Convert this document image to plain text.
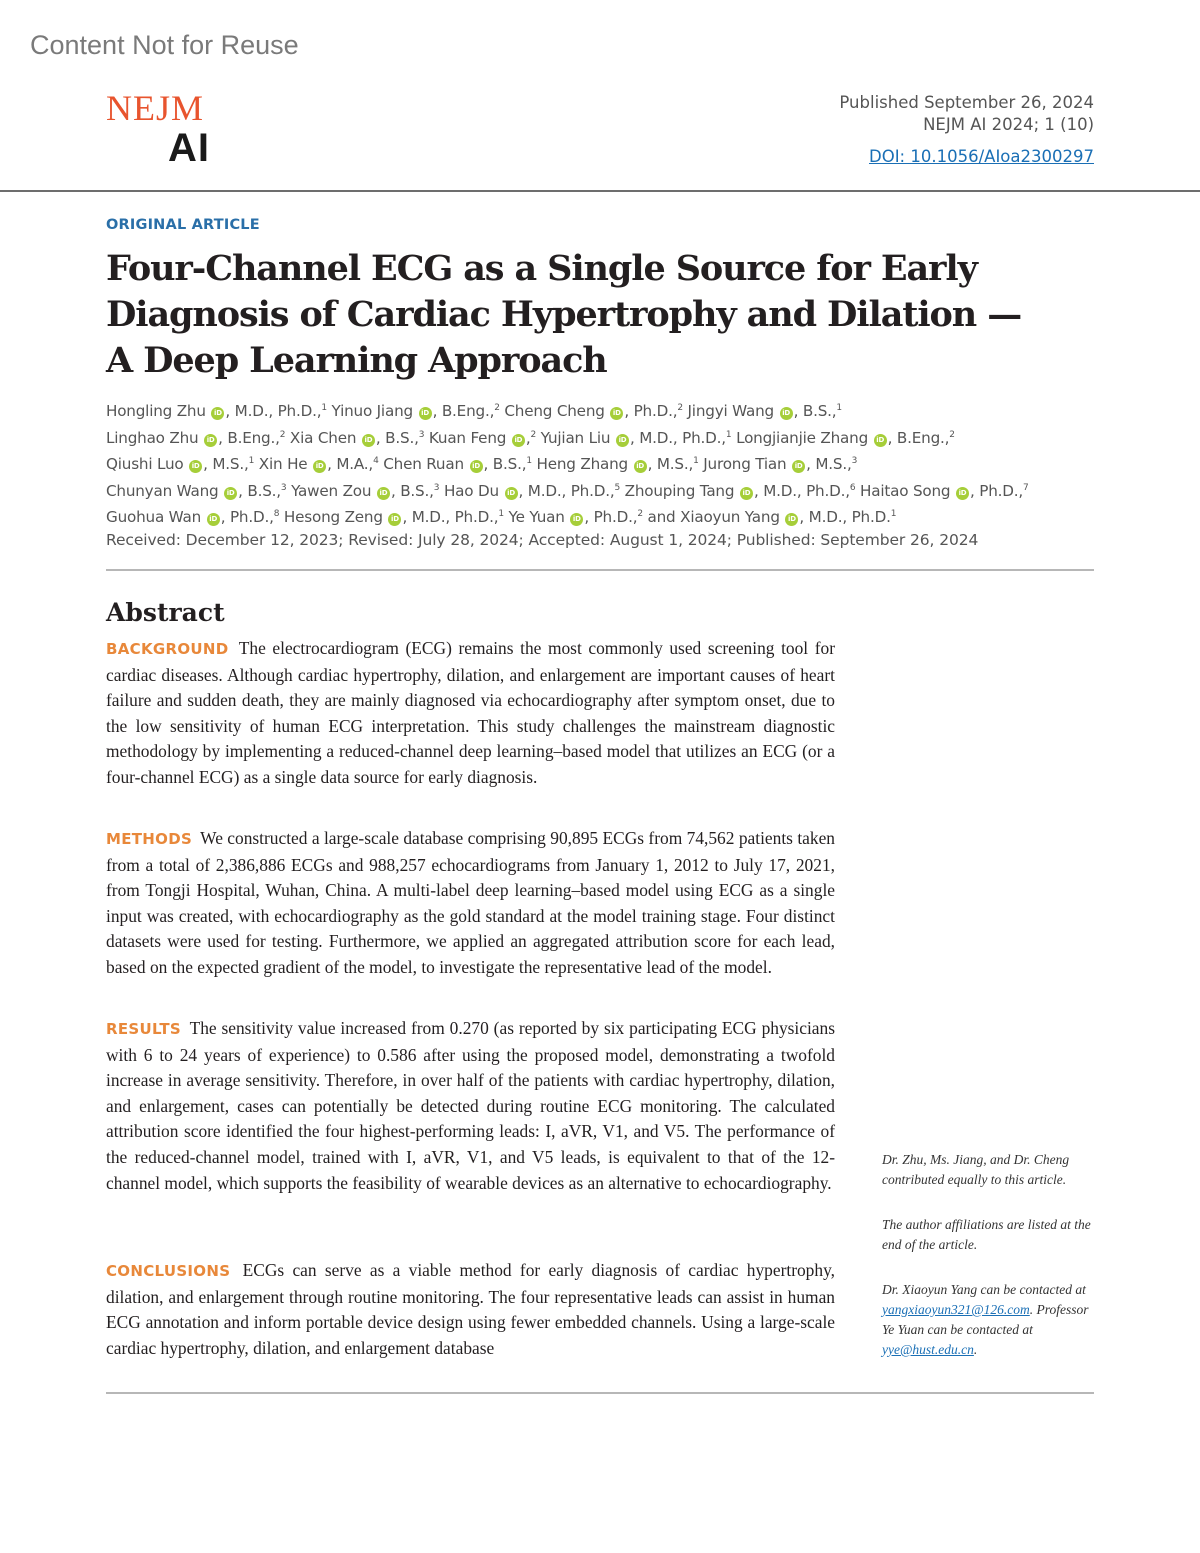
Content Not for Reuse
NEJM
AI
Published September 26, 2024
NEJM AI 2024; 1 (10)
DOI: 10.1056/AIoa2300297
ORIGINAL ARTICLE
Four-Channel ECG as a Single Source for Early
Diagnosis of Cardiac Hypertrophy and Dilation —
A Deep Learning Approach
Hongling Zhu iD , M.D., Ph.D.,$^1$ Yinuo Jiang iD , B.Eng.,$^2$ Cheng Cheng iD , Ph.D.,$^2$ Jingyi Wang iD , B.S.,$^1$
Linghao Zhu iD , B.Eng.,$^2$ Xia Chen iD , B.S.,$^3$ Kuan Feng iD ,$^2$ Yujian Liu iD , M.D., Ph.D.,$^1$ Longjianjie Zhang iD , B.Eng.,$^2$
Qiushi Luo iD , M.S.,$^1$ Xin He iD , M.A.,$^4$ Chen Ruan iD , B.S.,$^1$ Heng Zhang iD , M.S.,$^1$ Jurong Tian iD , M.S.,$^3$
Chunyan Wang iD , B.S.,$^3$ Yawen Zou iD , B.S.,$^3$ Hao Du iD , M.D., Ph.D.,$^5$ Zhouping Tang iD , M.D., Ph.D.,$^6$ Haitao Song iD , Ph.D.,$^7$
Guohua Wan iD , Ph.D.,$^8$ Hesong Zeng iD , M.D., Ph.D.,$^1$ Ye Yuan iD , Ph.D.,$^2$ and Xiaoyun Yang iD , M.D., Ph.D.$^1$
Received: December 12, 2023; Revised: July 28, 2024; Accepted: August 1, 2024; Published: September 26, 2024
Abstract
BACKGROUND The electrocardiogram (ECG) remains the most commonly used screening tool for cardiac diseases. Although cardiac hypertrophy, dilation, and enlargement are important causes of heart failure and sudden death, they are mainly diagnosed via echocardiography after symptom onset, due to the low sensitivity of human ECG interpretation. This study challenges the mainstream diagnostic methodology by implementing a reduced-channel deep learning–based model that utilizes an ECG (or a four-channel ECG) as a single data source for early diagnosis.
METHODS We constructed a large-scale database comprising 90,895 ECGs from 74,562 patients taken from a total of 2,386,886 ECGs and 988,257 echocardiograms from January 1, 2012 to July 17, 2021, from Tongji Hospital, Wuhan, China. A multi-label deep learning–based model using ECG as a single input was created, with echocardiography as the gold standard at the model training stage. Four distinct datasets were used for testing. Furthermore, we applied an aggregated attribution score for each lead, based on the expected gradient of the model, to investigate the representative lead of the model.
RESULTS The sensitivity value increased from 0.270 (as reported by six participating ECG physicians with 6 to 24 years of experience) to 0.586 after using the proposed model, demonstrating a twofold increase in average sensitivity. Therefore, in over half of the patients with cardiac hypertrophy, dilation, and enlargement, cases can potentially be detected during routine ECG monitoring. The calculated attribution score identified the four highest-performing leads: I, aVR, V1, and V5. The performance of the reduced-channel model, trained with I, aVR, V1, and V5 leads, is equivalent to that of the 12-channel model, which supports the feasibility of wearable devices as an alternative to echocardiography.
CONCLUSIONS ECGs can serve as a viable method for early diagnosis of cardiac hypertrophy, dilation, and enlargement through routine monitoring. The four representative leads can assist in human ECG annotation and inform portable device design using fewer embedded channels. Using a large-scale cardiac hypertrophy, dilation, and enlargement database
Dr. Zhu, Ms. Jiang, and Dr. Cheng contributed equally to this article.
The author affiliations are listed at the end of the article.
Dr. Xiaoyun Yang can be contacted at yangxiaoyun321@126.com. Professor Ye Yuan can be contacted at yye@hust.edu.cn.
